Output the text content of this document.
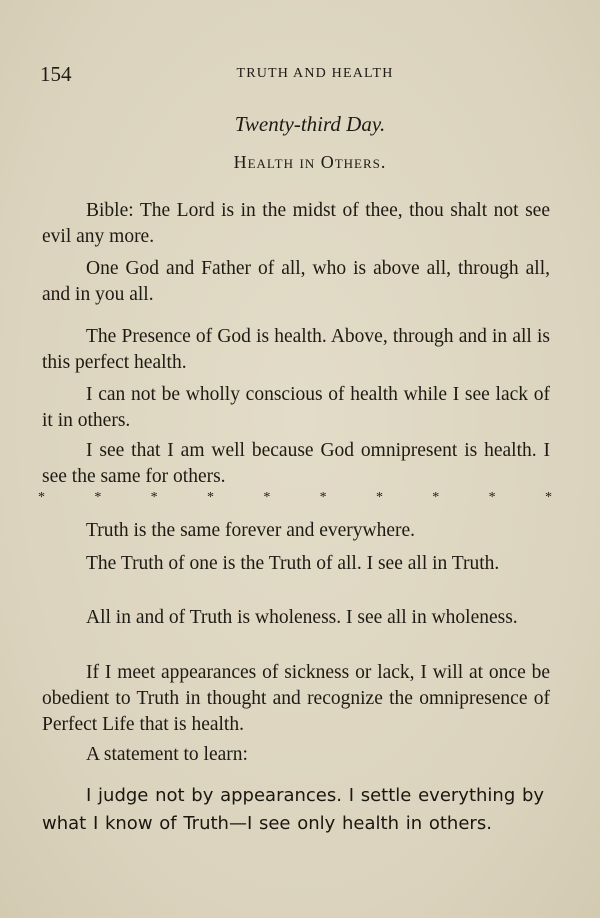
154	TRUTH AND HEALTH
Twenty-third Day.
Health in Others.

Bible: The Lord is in the midst of thee, thou shalt not see evil any more.

One God and Father of all, who is above all, through all, and in you all.

The Presence of God is health. Above, through and in all is this perfect health.

I can not be wholly conscious of health while I see lack of it in others.

I see that I am well because God omnipresent is health. I see the same for others.

*	*	*	*	*	*	*	*	*	*

Truth is the same forever and everywhere.

The Truth of one is the Truth of all. I see all in Truth.

All in and of Truth is wholeness. I see all in wholeness.

If I meet appearances of sickness or lack, I will at once be obedient to Truth in thought and recognize the omnipresence of Perfect Life that is health.

A statement to learn:

I judge not by appearances. I settle everything by what I know of Truth—I see only health in others.
